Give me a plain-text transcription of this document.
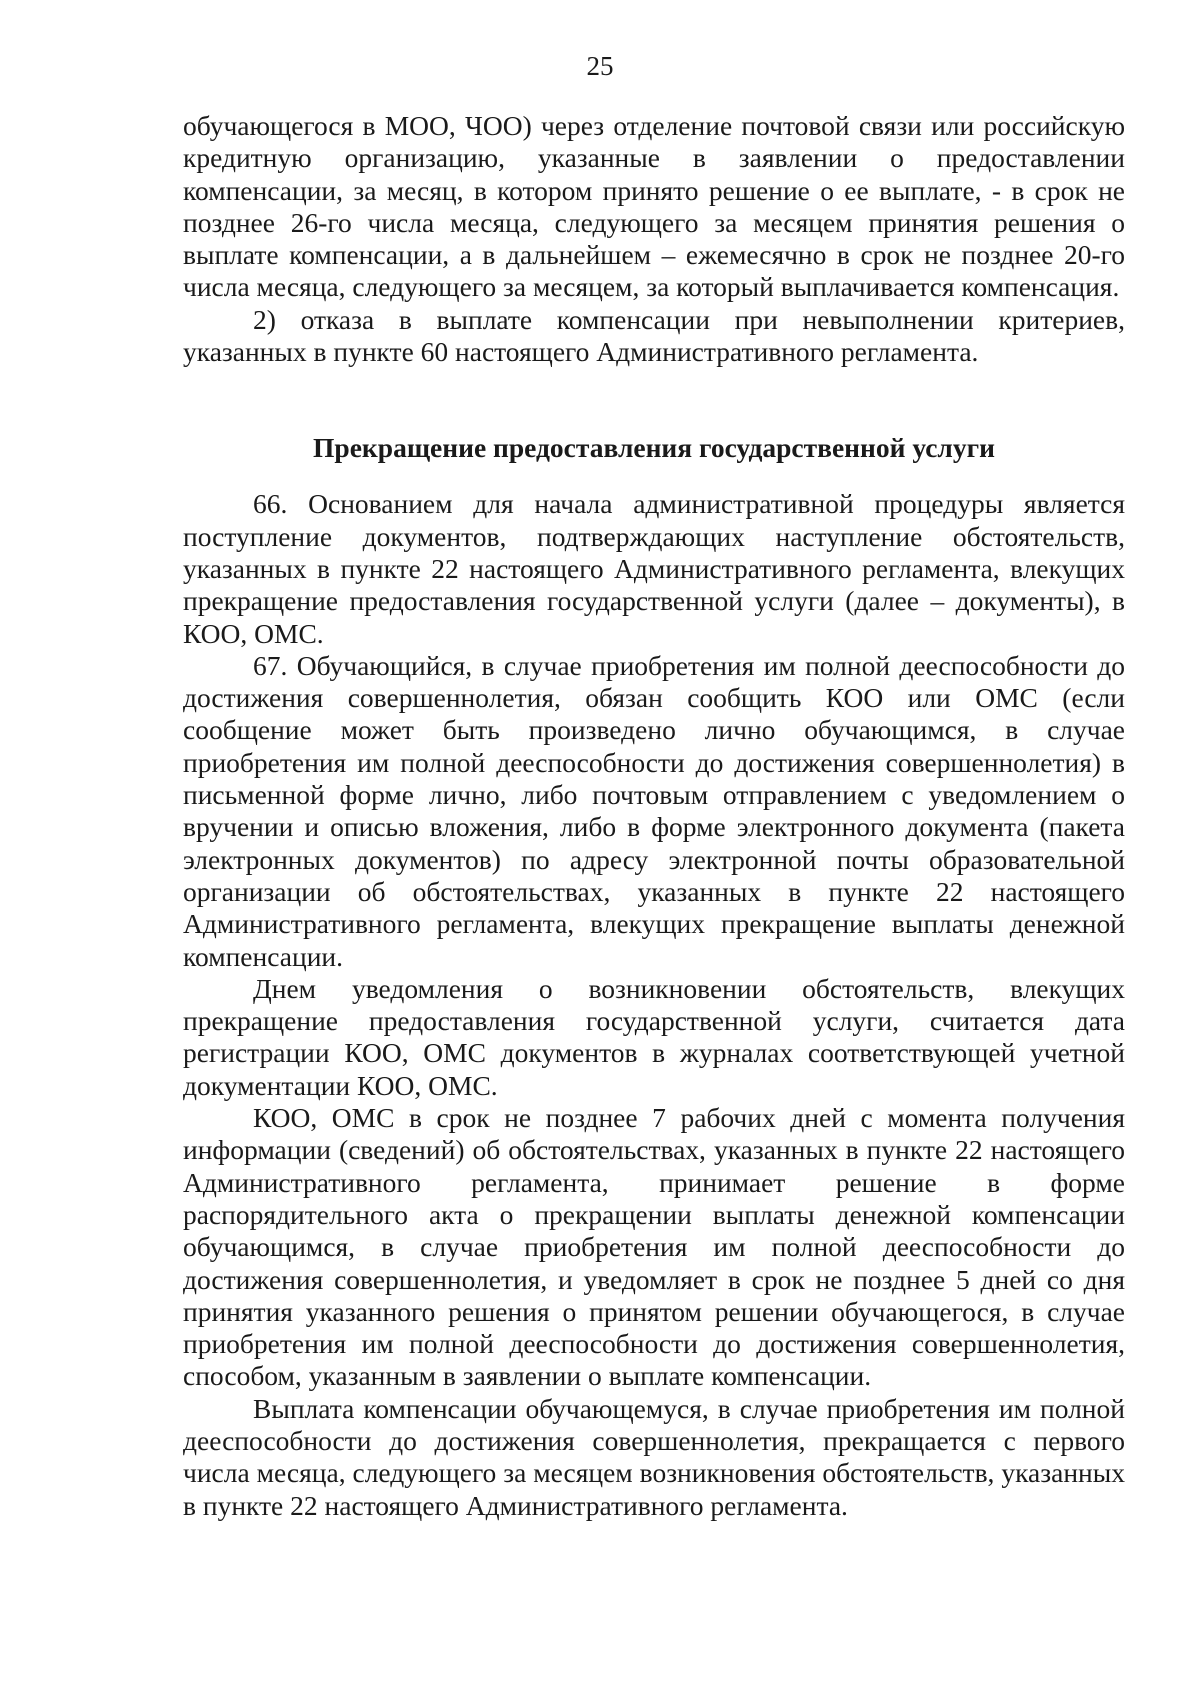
25

обучающегося в МОО, ЧОО) через отделение почтовой связи или российскую кредитную организацию, указанные в заявлении о предоставлении компенсации, за месяц, в котором принято решение о ее выплате, - в срок не позднее 26-го числа месяца, следующего за месяцем принятия решения о выплате компенсации, а в дальнейшем – ежемесячно в срок не позднее 20-го числа месяца, следующего за месяцем, за который выплачивается компенсация.

2) отказа в выплате компенсации при невыполнении критериев, указанных в пункте 60 настоящего Административного регламента.

Прекращение предоставления государственной услуги

66. Основанием для начала административной процедуры является поступление документов, подтверждающих наступление обстоятельств, указанных в пункте 22 настоящего Административного регламента, влекущих прекращение предоставления государственной услуги (далее – документы), в КОО, ОМС.

67. Обучающийся, в случае приобретения им полной дееспособности до достижения совершеннолетия, обязан сообщить КОО или ОМС (если сообщение может быть произведено лично обучающимся, в случае приобретения им полной дееспособности до достижения совершеннолетия) в письменной форме лично, либо почтовым отправлением с уведомлением о вручении и описью вложения, либо в форме электронного документа (пакета электронных документов) по адресу электронной почты образовательной организации об обстоятельствах, указанных в пункте 22 настоящего Административного регламента, влекущих прекращение выплаты денежной компенсации.

Днем уведомления о возникновении обстоятельств, влекущих прекращение предоставления государственной услуги, считается дата регистрации КОО, ОМС документов в журналах соответствующей учетной документации КОО, ОМС.

КОО, ОМС в срок не позднее 7 рабочих дней с момента получения информации (сведений) об обстоятельствах, указанных в пункте 22 настоящего Административного регламента, принимает решение в форме распорядительного акта о прекращении выплаты денежной компенсации обучающимся, в случае приобретения им полной дееспособности до достижения совершеннолетия, и уведомляет в срок не позднее 5 дней со дня принятия указанного решения о принятом решении обучающегося, в случае приобретения им полной дееспособности до достижения совершеннолетия, способом, указанным в заявлении о выплате компенсации.

Выплата компенсации обучающемуся, в случае приобретения им полной дееспособности до достижения совершеннолетия, прекращается с первого числа месяца, следующего за месяцем возникновения обстоятельств, указанных в пункте 22 настоящего Административного регламента.
